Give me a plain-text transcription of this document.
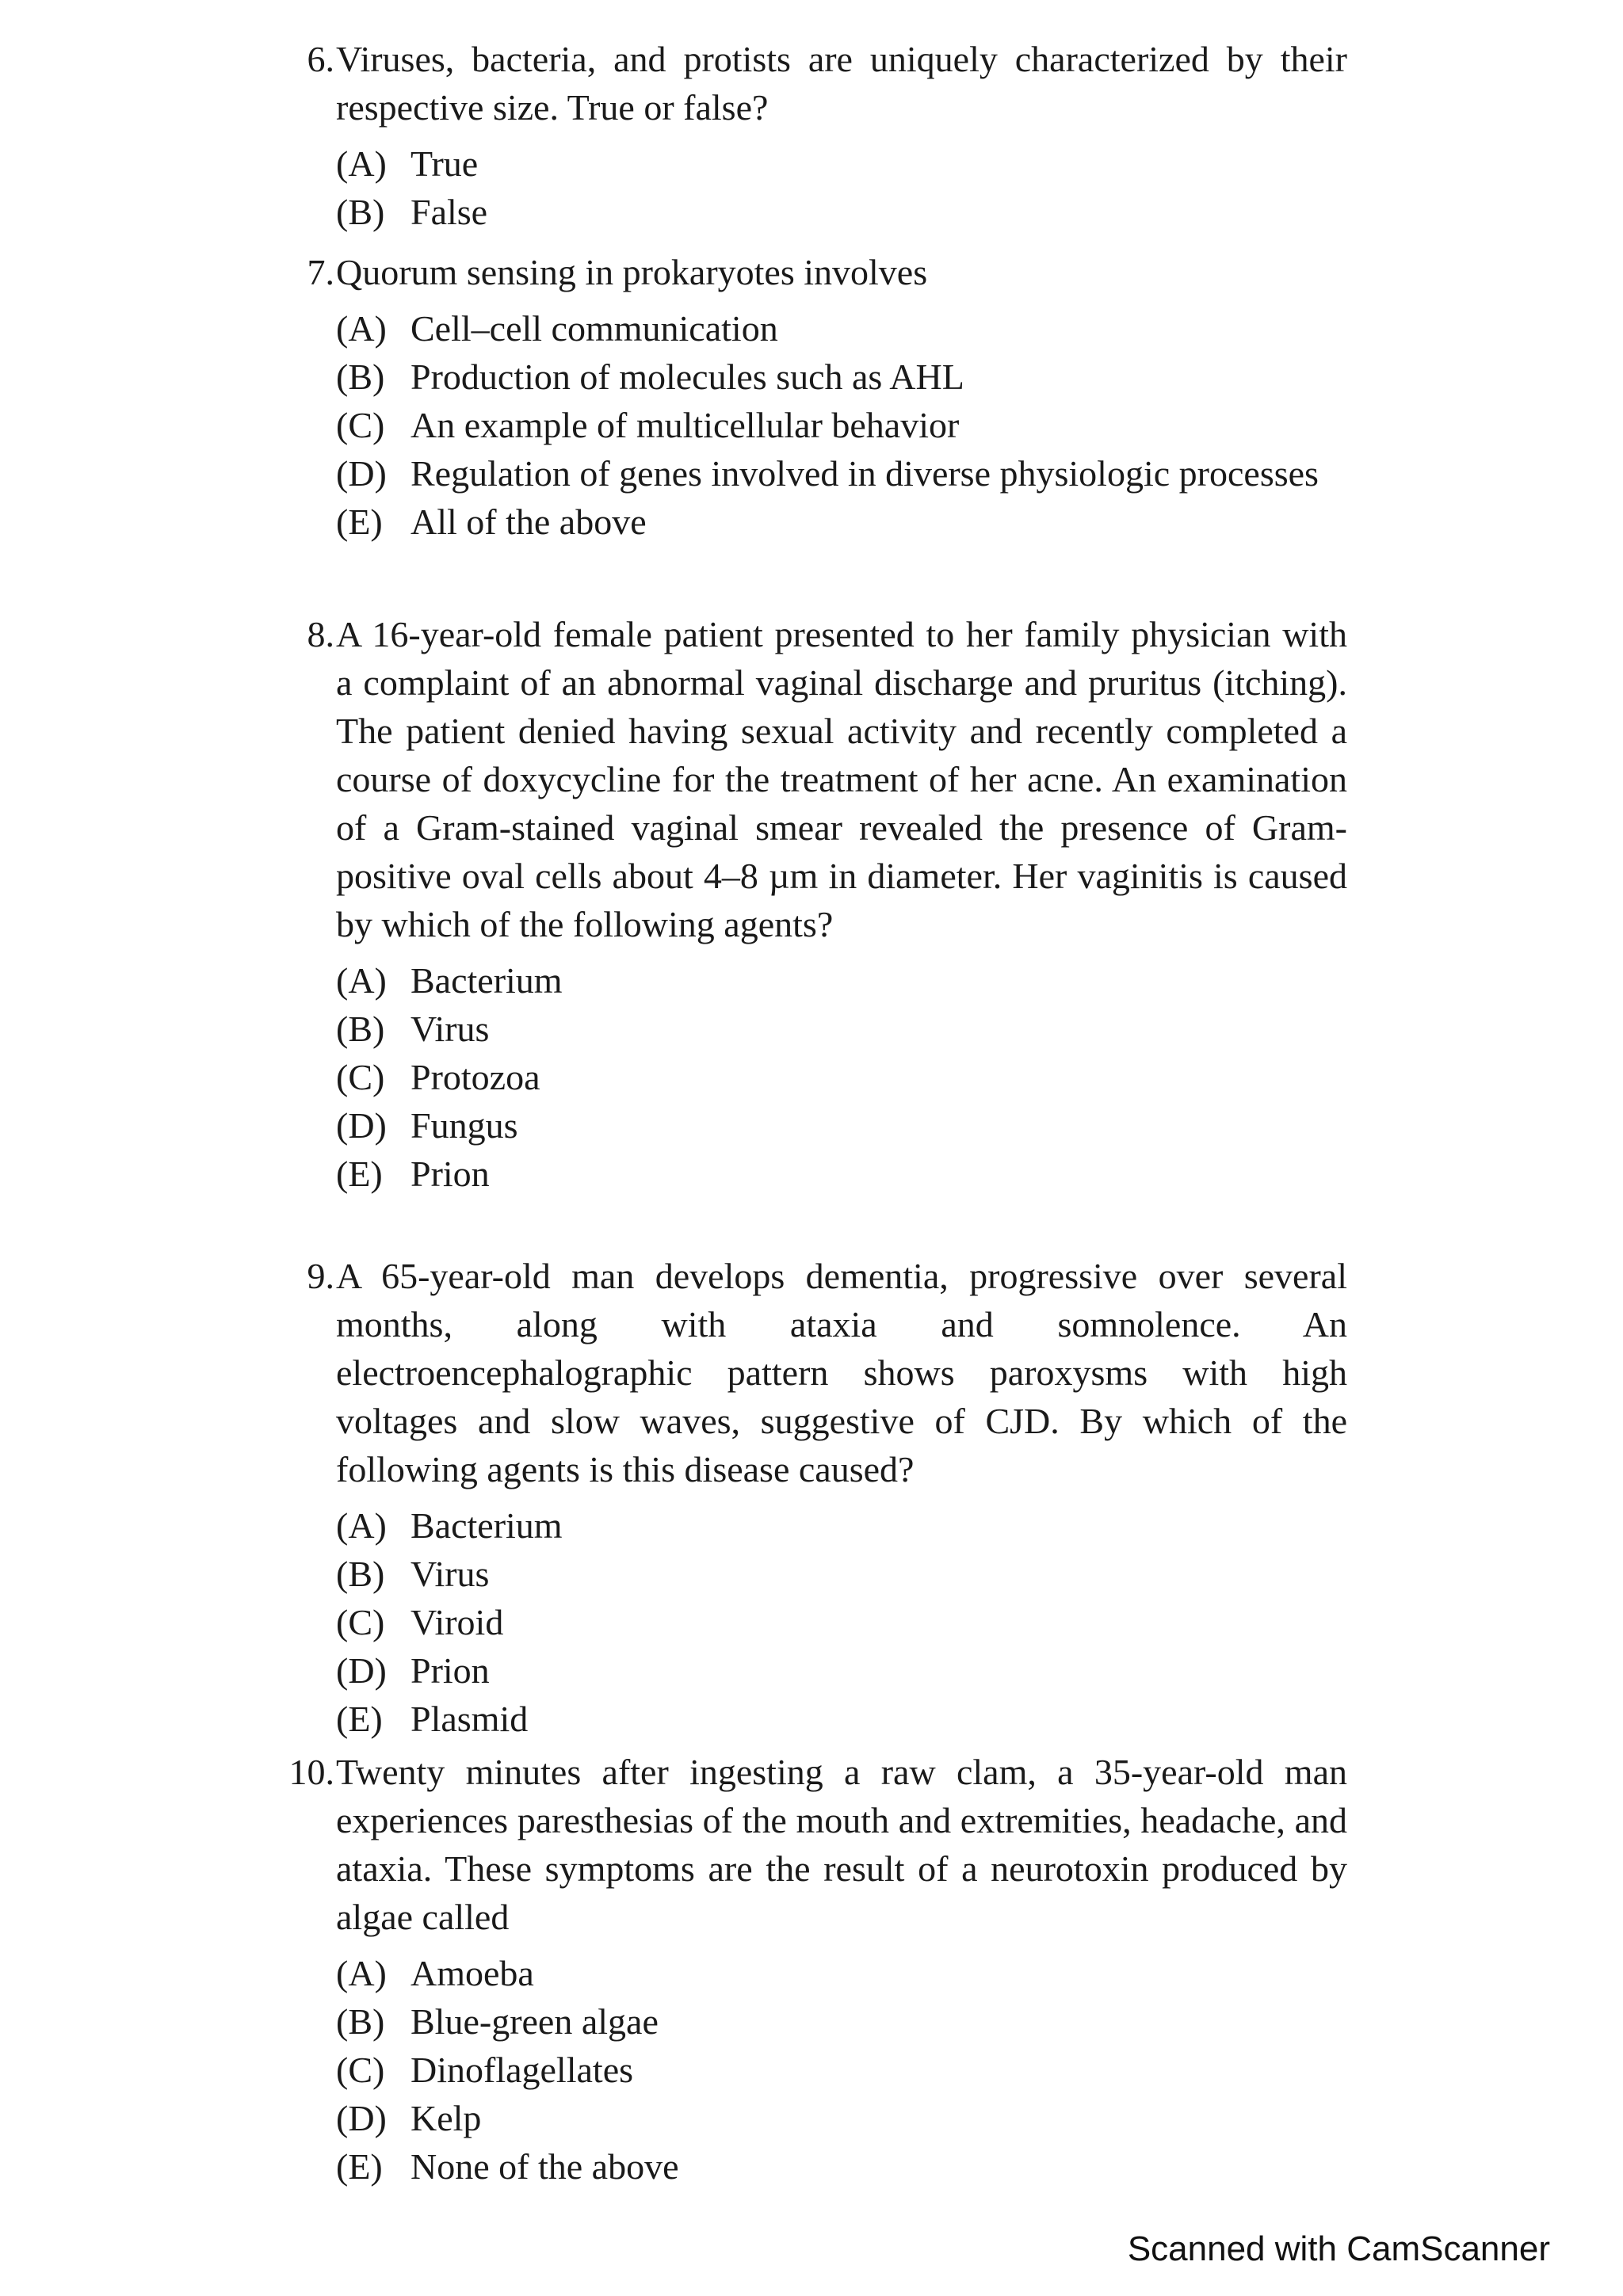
6. Viruses, bacteria, and protists are uniquely characterized by their respective size. True or false?
(A) True
(B) False
7. Quorum sensing in prokaryotes involves
(A) Cell–cell communication
(B) Production of molecules such as AHL
(C) An example of multicellular behavior
(D) Regulation of genes involved in diverse physiologic processes
(E) All of the above
8. A 16-year-old female patient presented to her family physician with a complaint of an abnormal vaginal discharge and pruritus (itching). The patient denied having sexual activity and recently completed a course of doxycycline for the treatment of her acne. An examination of a Gram-stained vaginal smear revealed the presence of Gram-positive oval cells about 4–8 µm in diameter. Her vaginitis is caused by which of the following agents?
(A) Bacterium
(B) Virus
(C) Protozoa
(D) Fungus
(E) Prion
9. A 65-year-old man develops dementia, progressive over several months, along with ataxia and somnolence. An electroencephalographic pattern shows paroxysms with high voltages and slow waves, suggestive of CJD. By which of the following agents is this disease caused?
(A) Bacterium
(B) Virus
(C) Viroid
(D) Prion
(E) Plasmid
10. Twenty minutes after ingesting a raw clam, a 35-year-old man experiences paresthesias of the mouth and extremities, headache, and ataxia. These symptoms are the result of a neurotoxin produced by algae called
(A) Amoeba
(B) Blue-green algae
(C) Dinoflagellates
(D) Kelp
(E) None of the above
Scanned with CamScanner
